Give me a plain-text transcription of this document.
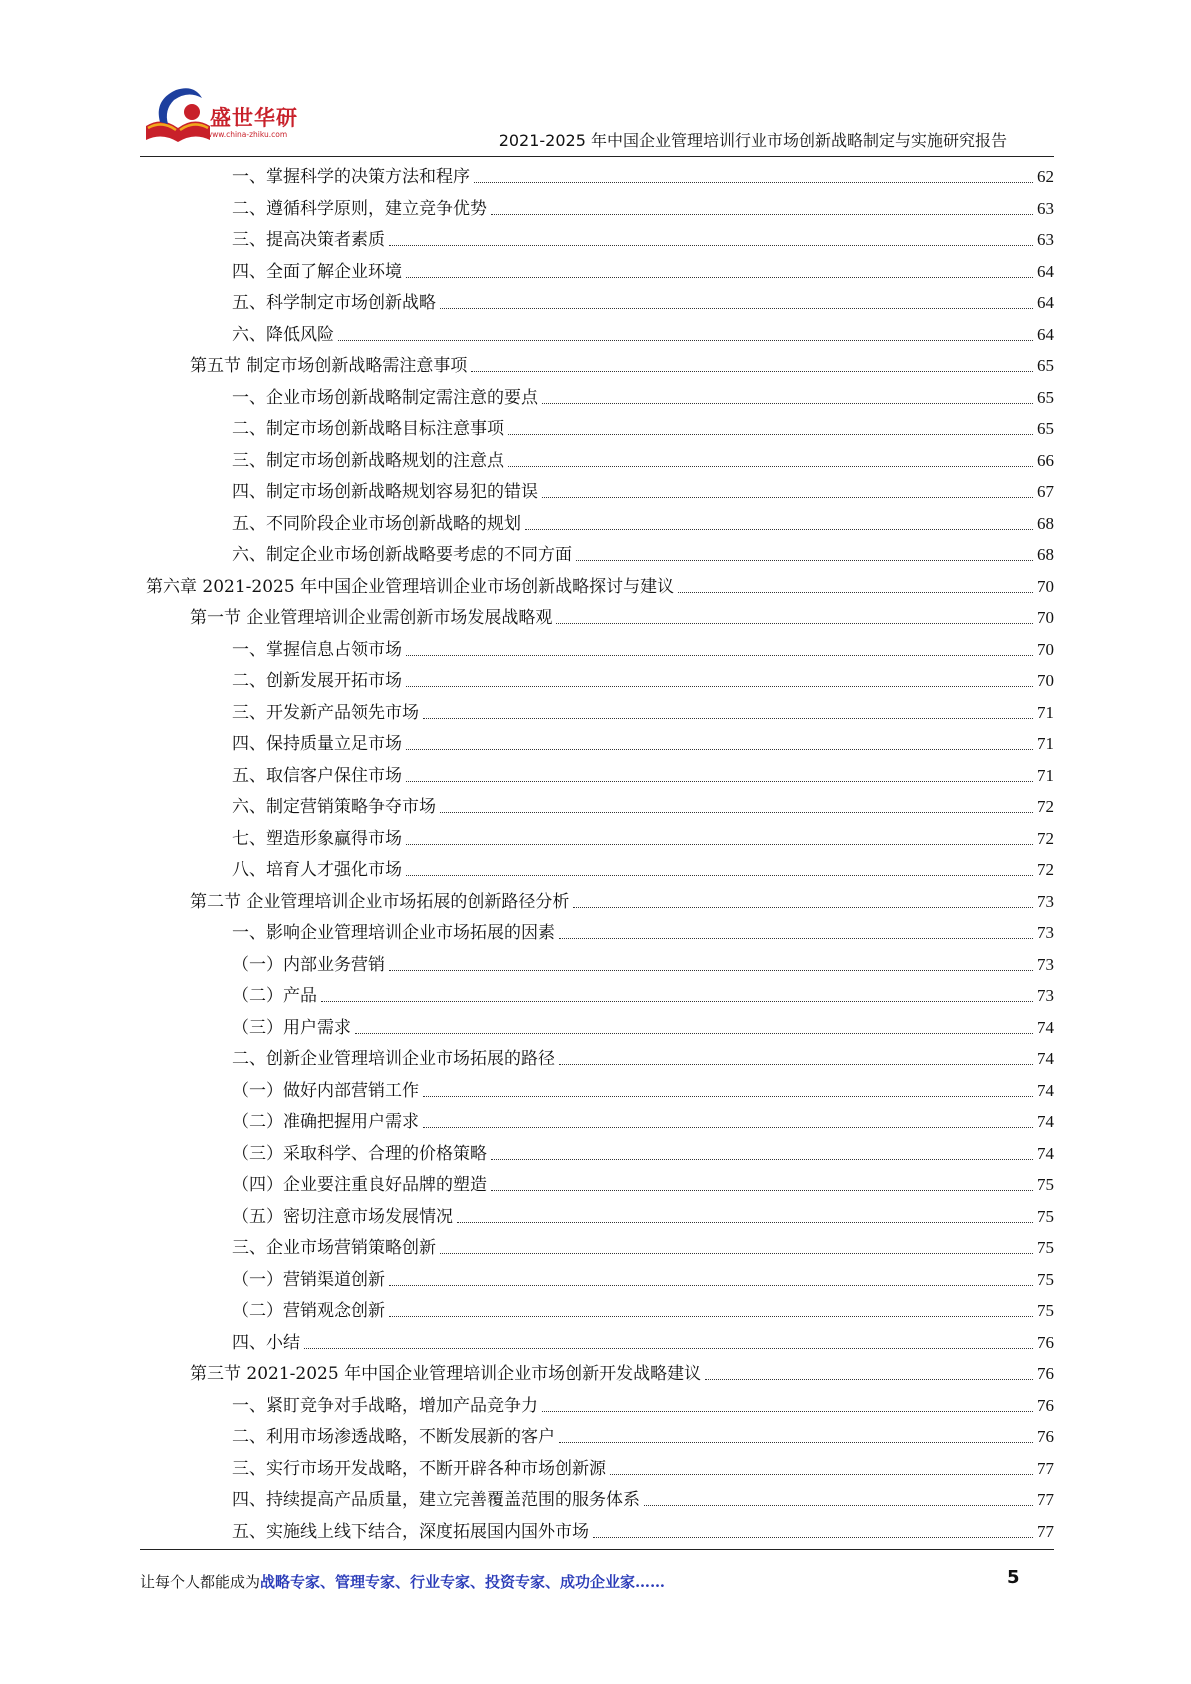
盛世华研
www.china-zhiku.com	2021-2025 年中国企业管理培训行业市场创新战略制定与实施研究报告
一、掌握科学的决策方法和程序	62
二、遵循科学原则，建立竞争优势	63
三、提高决策者素质	63
四、全面了解企业环境	64
五、科学制定市场创新战略	64
六、降低风险	64
第五节 制定市场创新战略需注意事项	65
一、企业市场创新战略制定需注意的要点	65
二、制定市场创新战略目标注意事项	65
三、制定市场创新战略规划的注意点	66
四、制定市场创新战略规划容易犯的错误	67
五、不同阶段企业市场创新战略的规划	68
六、制定企业市场创新战略要考虑的不同方面	68
第六章 2021-2025 年中国企业管理培训企业市场创新战略探讨与建议	70
第一节 企业管理培训企业需创新市场发展战略观	70
一、掌握信息占领市场	70
二、创新发展开拓市场	70
三、开发新产品领先市场	71
四、保持质量立足市场	71
五、取信客户保住市场	71
六、制定营销策略争夺市场	72
七、塑造形象赢得市场	72
八、培育人才强化市场	72
第二节 企业管理培训企业市场拓展的创新路径分析	73
一、影响企业管理培训企业市场拓展的因素	73
（一）内部业务营销	73
（二）产品	73
（三）用户需求	74
二、创新企业管理培训企业市场拓展的路径	74
（一）做好内部营销工作	74
（二）准确把握用户需求	74
（三）采取科学、合理的价格策略	74
（四）企业要注重良好品牌的塑造	75
（五）密切注意市场发展情况	75
三、企业市场营销策略创新	75
（一）营销渠道创新	75
（二）营销观念创新	75
四、小结	76
第三节 2021-2025 年中国企业管理培训企业市场创新开发战略建议	76
一、紧盯竞争对手战略，增加产品竞争力	76
二、利用市场渗透战略，不断发展新的客户	76
三、实行市场开发战略，不断开辟各种市场创新源	77
四、持续提高产品质量，建立完善覆盖范围的服务体系	77
五、实施线上线下结合，深度拓展国内国外市场	77
让每个人都能成为战略专家、管理专家、行业专家、投资专家、成功企业家……	5
